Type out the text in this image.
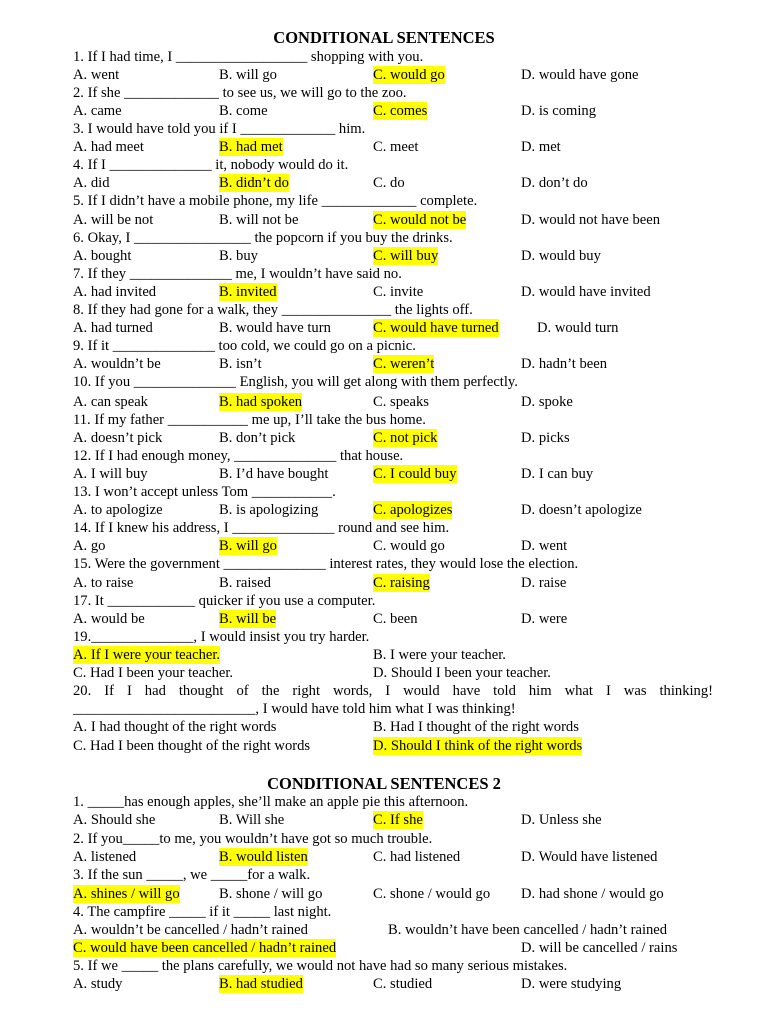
CONDITIONAL SENTENCES
1. If I had time, I __________________ shopping with you.
A. went	B. will go	C. would go	D. would have gone
2. If she _____________ to see us, we will go to the zoo.
A. came	B. come	C. comes	D. is coming
3. I would have told you if I _____________ him.
A. had meet	B. had met	C. meet	D. met
4. If I ______________ it, nobody would do it.
A. did	B. didn’t do	C. do	D. don’t do
5. If I didn’t have a mobile phone, my life _____________ complete.
A. will be not	B. will not be	C. would not be	D. would not have been
6. Okay, I ________________ the popcorn if you buy the drinks.
A. bought	B. buy	C. will buy	D. would buy
7. If they ______________ me, I wouldn’t have said no.
A. had invited	B. invited	C. invite	D. would have invited
8. If they had gone for a walk, they _______________ the lights off.
A. had turned	B. would have turn	C. would have turned	D. would turn
9. If it ______________ too cold, we could go on a picnic.
A. wouldn’t be	B. isn’t	C. weren’t	D. hadn’t been
10. If you ______________ English, you will get along with them perfectly.
A. can speak	B. had spoken	C. speaks	D. spoke
11. If my father ___________ me up, I’ll take the bus home.
A. doesn’t pick	B. don’t pick	C. not pick	D. picks
12. If I had enough money, ______________ that house.
A. I will buy	B. I’d have bought	C. I could buy	D. I can buy
13. I won’t accept unless Tom ___________.
A. to apologize	B. is apologizing	C. apologizes	D. doesn’t apologize
14. If I knew his address, I ______________ round and see him.
A. go	B. will go	C. would go	D. went
15. Were the government ______________ interest rates, they would lose the election.
A. to raise	B. raised	C. raising	D. raise
17. It ____________ quicker if you use a computer.
A. would be	B. will be	C. been	D. were
19.______________, I would insist you try harder.
A. If I were your teacher.	B. I were your teacher.
C. Had I been your teacher.	D. Should I been your teacher.
20. If I had thought of the right words, I would have told him what I was thinking!
_________________________, I would have told him what I was thinking!
A. I had thought of the right words	B. Had I thought of the right words
C. Had I been thought of the right words	D. Should I think of the right words
CONDITIONAL SENTENCES 2
1. _____has enough apples, she’ll make an apple pie this afternoon.
A. Should she	B. Will she	C. If she	D. Unless she
2. If you_____to me, you wouldn’t have got so much trouble.
A. listened	B. would listen	C. had listened	D. Would have listened
3. If the sun _____, we _____for a walk.
A. shines / will go	B. shone / will go	C. shone / would go D. had shone / would go
4. The campfire _____ if it _____ last night.
A. wouldn’t be cancelled / hadn’t rained	B. wouldn’t have been cancelled / hadn’t rained
C. would have been cancelled / hadn’t rained	D. will be cancelled / rains
5. If we _____ the plans carefully, we would not have had so many serious mistakes.
A. study	B. had studied	C. studied	D. were studying
